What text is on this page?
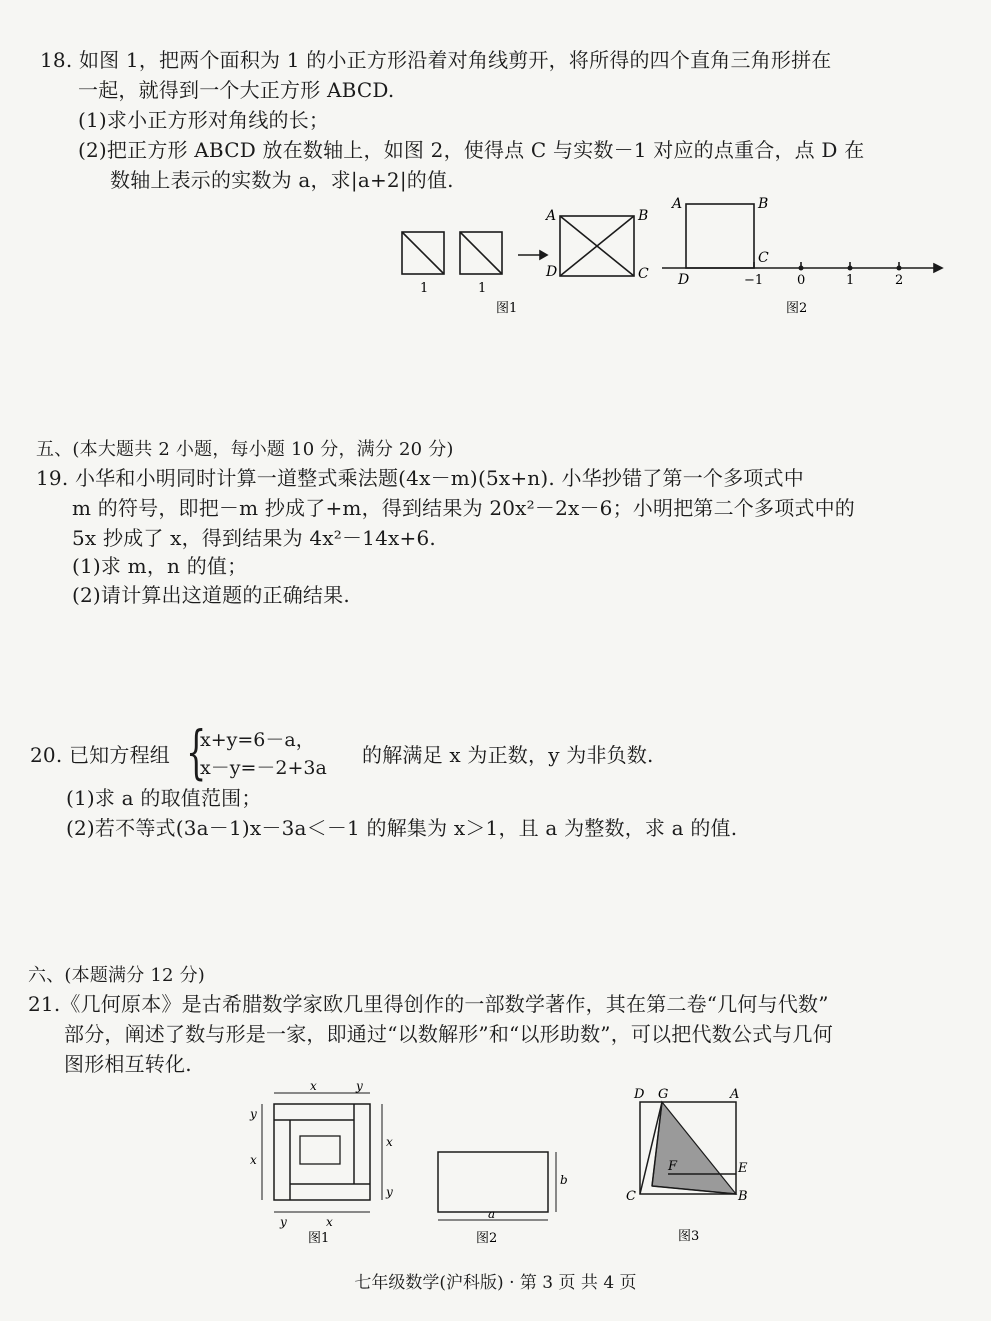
18. 如图 1，把两个面积为 1 的小正方形沿着对角线剪开，将所得的四个直角三角形拼在
一起，就得到一个大正方形 ABCD.
(1)求小正方形对角线的长；
(2)把正方形 ABCD 放在数轴上，如图 2，使得点 C 与实数－1 对应的点重合，点 D 在
数轴上表示的实数为 a，求|a+2|的值.
1	1
A	B
D	C
图1
A	B
C
D	−1	0	1	2
图2
五、(本大题共 2 小题，每小题 10 分，满分 20 分)
19. 小华和小明同时计算一道整式乘法题(4x－m)(5x+n). 小华抄错了第一个多项式中
m 的符号，即把－m 抄成了+m，得到结果为 20x²－2x－6；小明把第二个多项式中的
5x 抄成了 x，得到结果为 4x²－14x+6.
(1)求 m，n 的值；
(2)请计算出这道题的正确结果.
20. 已知方程组 {
x+y=6－a，
x－y=－2+3a
的解满足 x 为正数，y 为非负数.
(1)求 a 的取值范围；
(2)若不等式(3a－1)x－3a＜－1 的解集为 x＞1，且 a 为整数，求 a 的值.
六、(本题满分 12 分)
21.《几何原本》是古希腊数学家欧几里得创作的一部数学著作，其在第二卷“几何与代数”
部分，阐述了数与形是一家，即通过“以数解形”和“以形助数”，可以把代数公式与几何
图形相互转化.
x	y
y
x
x
y
y	x
图1
a
b
图2
D G	A
F	E
C	B
图3
七年级数学(沪科版) · 第 3 页 共 4 页
